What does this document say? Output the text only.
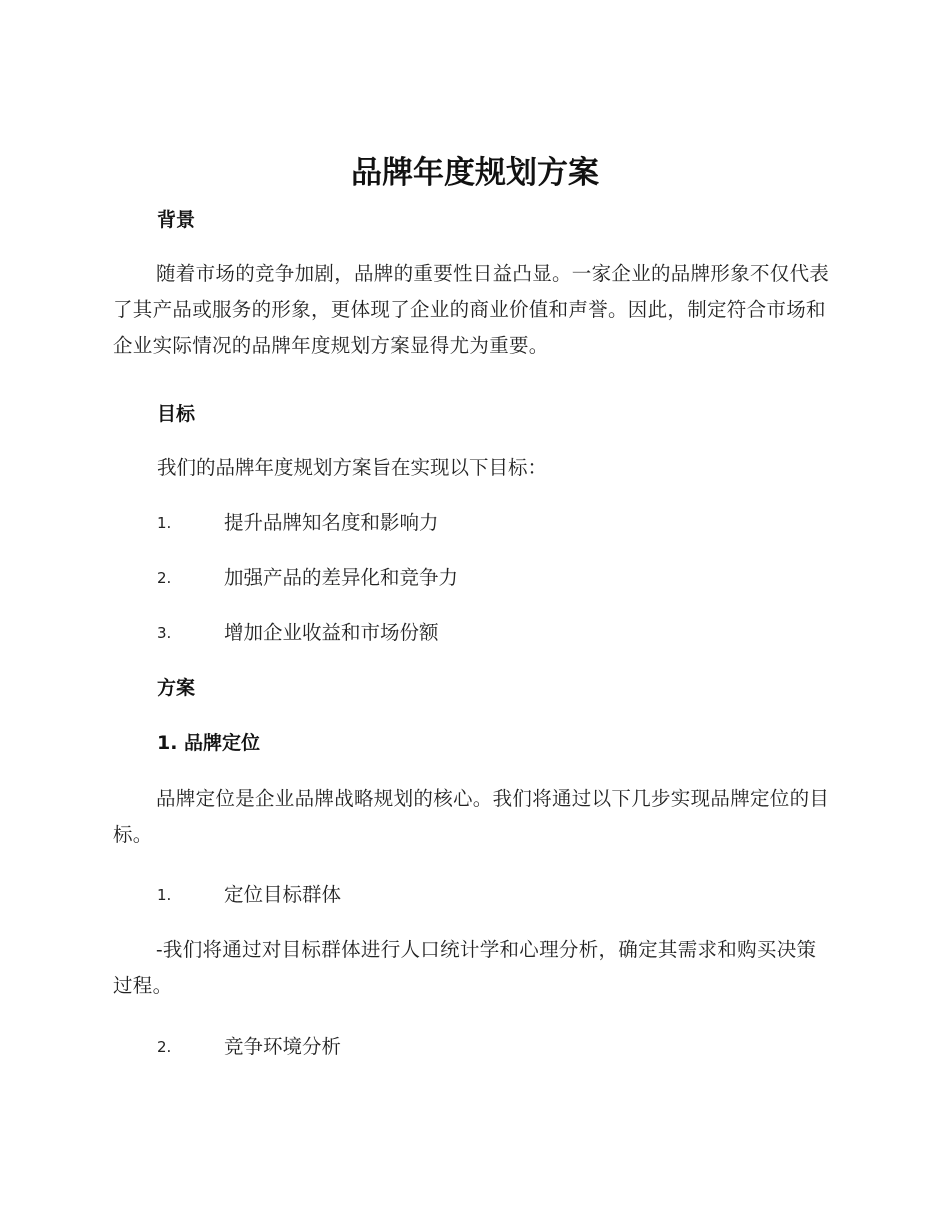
品牌年度规划方案
背景
随着市场的竞争加剧，品牌的重要性日益凸显。一家企业的品牌形象不仅代表了其产品或服务的形象，更体现了企业的商业价值和声誉。因此，制定符合市场和企业实际情况的品牌年度规划方案显得尤为重要。
目标
我们的品牌年度规划方案旨在实现以下目标：
1.	提升品牌知名度和影响力
2.	加强产品的差异化和竞争力
3.	增加企业收益和市场份额
方案
1. 品牌定位
品牌定位是企业品牌战略规划的核心。我们将通过以下几步实现品牌定位的目标。
1.	定位目标群体
-我们将通过对目标群体进行人口统计学和心理分析，确定其需求和购买决策过程。
2.	竞争环境分析
